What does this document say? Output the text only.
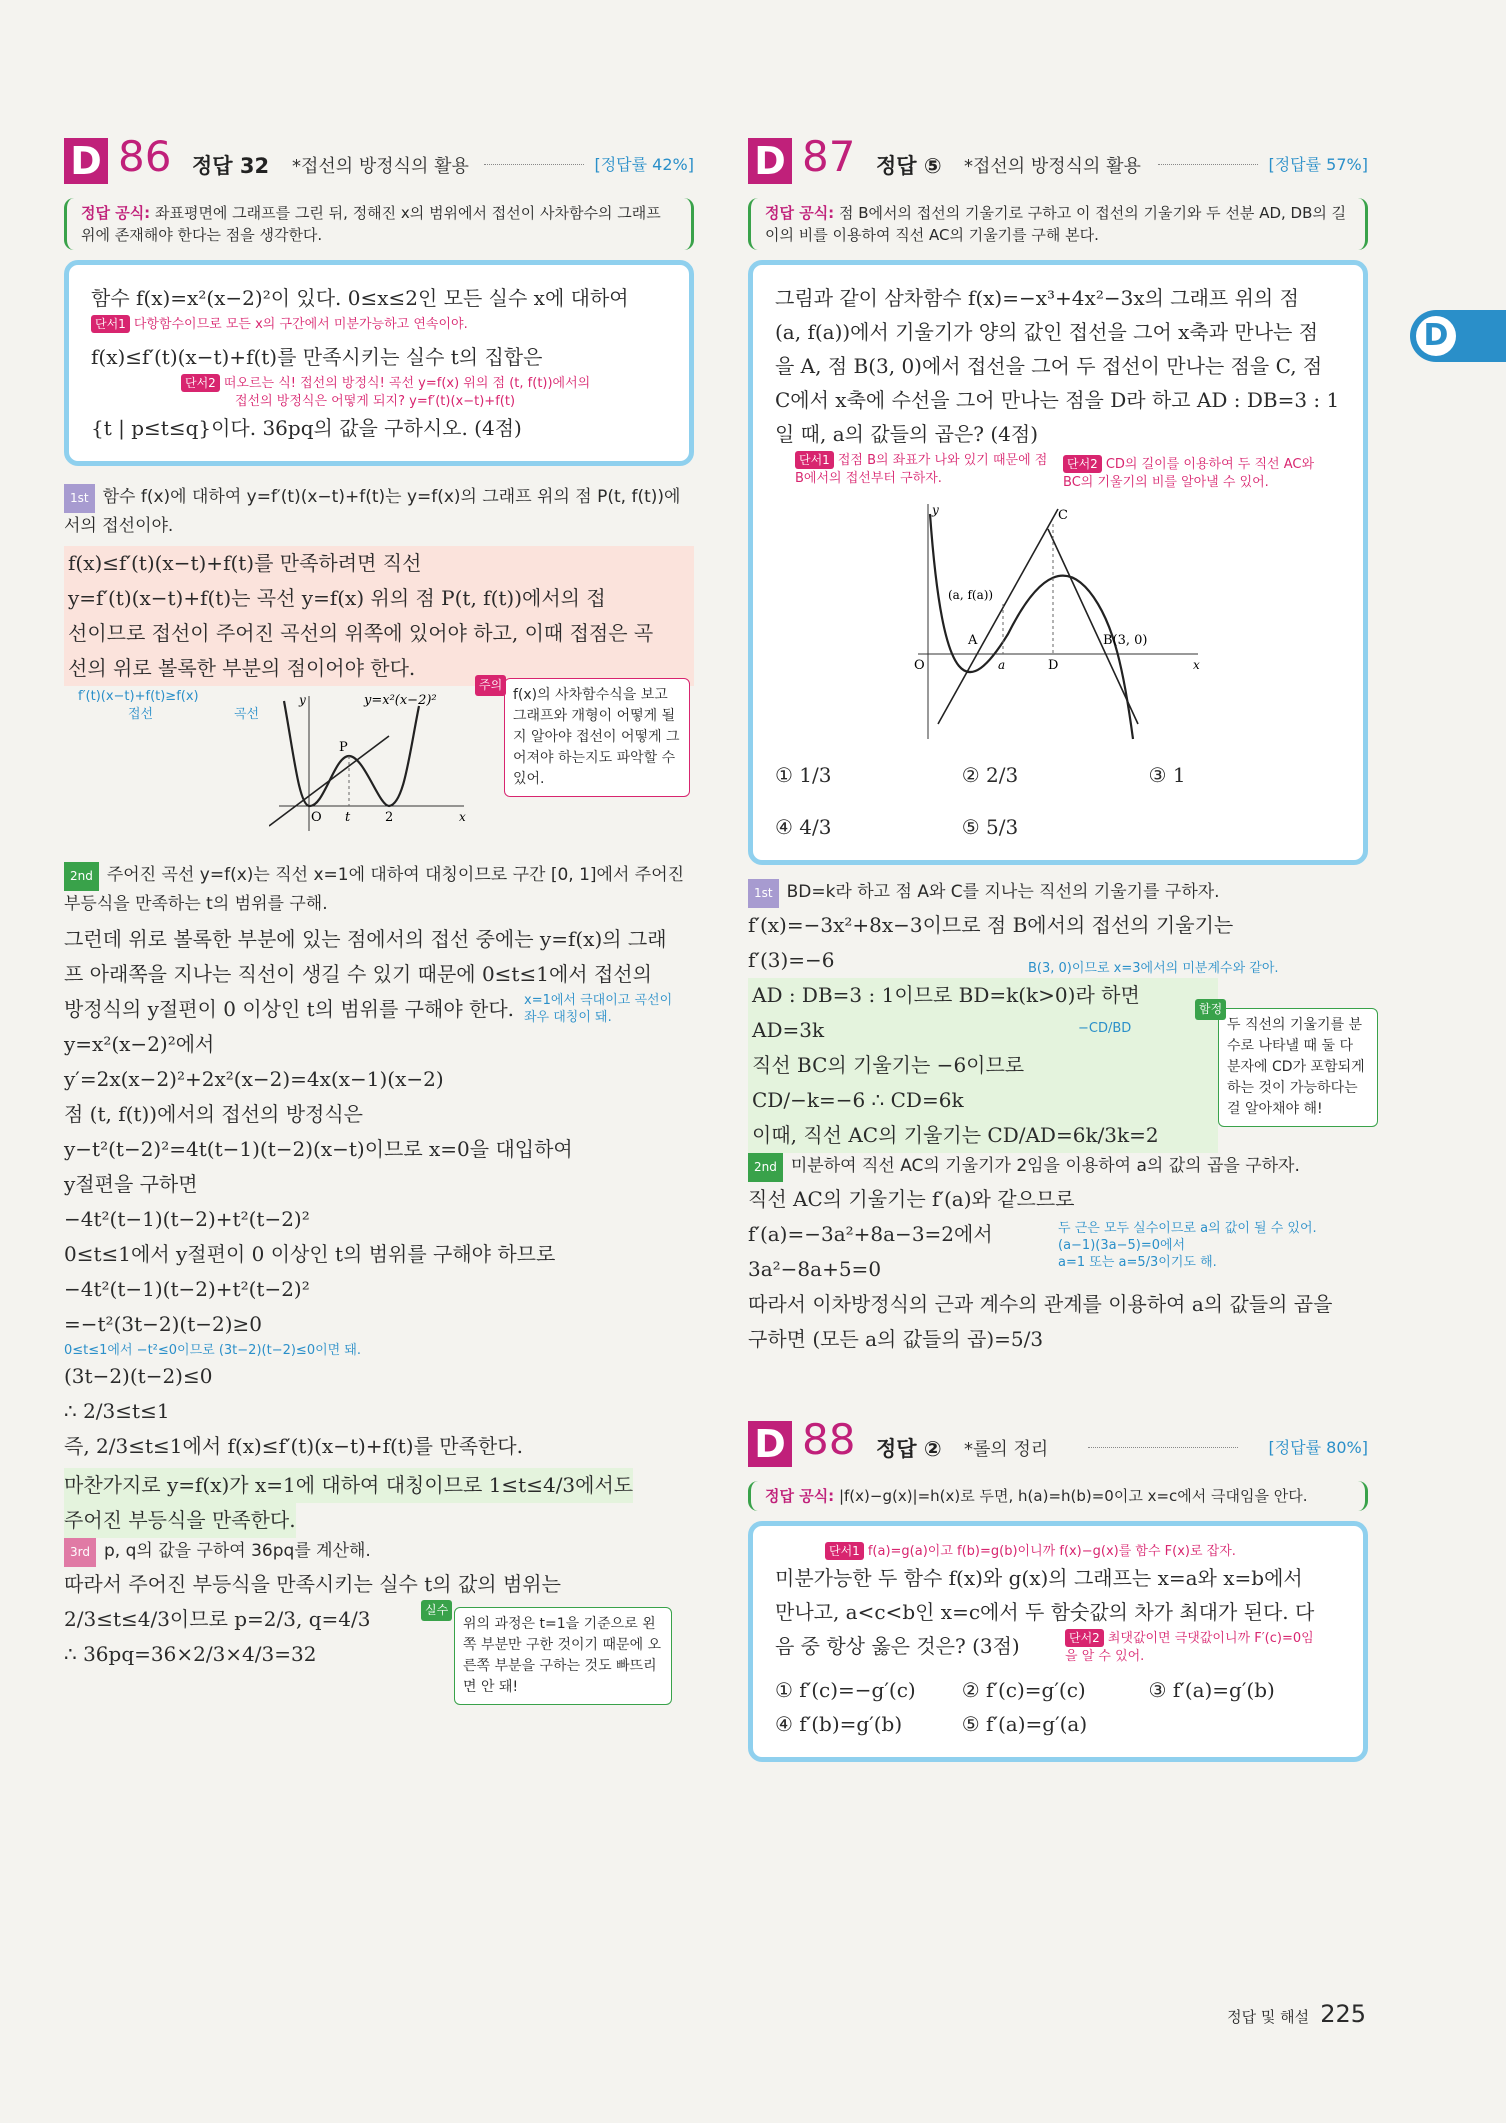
D
D 86 정답 32 *접선의 방정식의 활용	[정답률 42%]
정답 공식: 좌표평면에 그래프를 그린 뒤, 정해진 x의 범위에서 접선이 사차함수의 그래프 위에 존재해야 한다는 점을 생각한다.
함수 f(x)=x²(x−2)²이 있다. 0≤x≤2인 모든 실수 x에 대하여
단서1 다항함수이므로 모든 x의 구간에서 미분가능하고 연속이야.
f(x)≤f′(t)(x−t)+f(t)를 만족시키는 실수 t의 집합은
단서2 떠오르는 식! 접선의 방정식! 곡선 y=f(x) 위의 점 (t, f(t))에서의
접선의 방정식은 어떻게 되지? y=f′(t)(x−t)+f(t)
{t | p≤t≤q}이다. 36pq의 값을 구하시오. (4점)
1st 함수 f(x)에 대하여 y=f′(t)(x−t)+f(t)는 y=f(x)의 그래프 위의 점 P(t, f(t))에서의 접선이야.
f(x)≤f′(t)(x−t)+f(t)를 만족하려면 직선
y=f′(t)(x−t)+f(t)는 곡선 y=f(x) 위의 점 P(t, f(t))에서의 접
선이므로 접선이 주어진 곡선의 위쪽에 있어야 하고, 이때 접점은 곡
선의 위로 볼록한 부분의 점이어야 한다.
f′(t)(x−t)+f(t)≥f(x)
접선	곡선
y=x²(x−2)²
y
x
O t	2
P
주의
f(x)의 사차함수식을 보고 그래프와 개형이 어떻게 될지 알아야 접선이 어떻게 그어져야 하는지도 파악할 수 있어.
2nd 주어진 곡선 y=f(x)는 직선 x=1에 대하여 대칭이므로 구간 [0, 1]에서 주어진 부등식을 만족하는 t의 범위를 구해.
그런데 위로 볼록한 부분에 있는 점에서의 접선 중에는 y=f(x)의 그래
프 아래쪽을 지나는 직선이 생길 수 있기 때문에 0≤t≤1에서 접선의
방정식의 y절편이 0 이상인 t의 범위를 구해야 한다. x=1에서 극대이고 곡선이 좌우 대칭이 돼.
y=x²(x−2)²에서
y′=2x(x−2)²+2x²(x−2)=4x(x−1)(x−2)
점 (t, f(t))에서의 접선의 방정식은
y−t²(t−2)²=4t(t−1)(t−2)(x−t)이므로 x=0을 대입하여
y절편을 구하면
−4t²(t−1)(t−2)+t²(t−2)²
0≤t≤1에서 y절편이 0 이상인 t의 범위를 구해야 하므로
−4t²(t−1)(t−2)+t²(t−2)²
=−t²(3t−2)(t−2)≥0
0≤t≤1에서 −t²≤0이므로 (3t−2)(t−2)≤0이면 돼.
(3t−2)(t−2)≤0
∴ 2/3≤t≤1
즉, 2/3≤t≤1에서 f(x)≤f′(t)(x−t)+f(t)를 만족한다.
마찬가지로 y=f(x)가 x=1에 대하여 대칭이므로 1≤t≤4/3에서도
주어진 부등식을 만족한다.
3rd p, q의 값을 구하여 36pq를 계산해.
따라서 주어진 부등식을 만족시키는 실수 t의 값의 범위는
2/3≤t≤4/3이므로 p=2/3, q=4/3
∴ 36pq=36×2/3×4/3=32
실수
위의 과정은 t=1을 기준으로 왼쪽 부분만 구한 것이기 때문에 오른쪽 부분을 구하는 것도 빠뜨리면 안 돼!
D 87 정답 ⑤ *접선의 방정식의 활용	[정답률 57%]
정답 공식: 점 B에서의 접선의 기울기로 구하고 이 접선의 기울기와 두 선분 AD, DB의 길이의 비를 이용하여 직선 AC의 기울기를 구해 본다.
그림과 같이 삼차함수 f(x)=−x³+4x²−3x의 그래프 위의 점
(a, f(a))에서 기울기가 양의 값인 접선을 그어 x축과 만나는 점
을 A, 점 B(3, 0)에서 접선을 그어 두 접선이 만나는 점을 C, 점
C에서 x축에 수선을 그어 만나는 점을 D라 하고 AD : DB=3 : 1
일 때, a의 값들의 곱은? (4점)
단서1 접점 B의 좌표가 나와 있기 때문에 점 B에서의 접선부터 구하자.
단서2 CD의 길이를 이용하여 두 직선 AC와 BC의 기울기의 비를 알아낼 수 있어.
y
x
O	a	D
A	B(3, 0)
C
(a, f(a))
① 1/3	② 2/3	③ 1
④ 4/3	⑤ 5/3
1st BD=k라 하고 점 A와 C를 지나는 직선의 기울기를 구하자.
f′(x)=−3x²+8x−3이므로 점 B에서의 접선의 기울기는
f′(3)=−6	B(3, 0)이므로 x=3에서의 미분계수와 같아.
AD : DB=3 : 1이므로 BD=k(k>0)라 하면 AD=3k
직선 BC의 기울기는 −6이므로
CD/−k=−6 ∴ CD=6k
이때, 직선 AC의 기울기는 CD/AD=6k/3k=2
−CD/BD
함정
두 직선의 기울기를 분수로 나타낼 때 둘 다 분자에 CD가 포함되게 하는 것이 가능하다는 걸 알아채야 해!
2nd 미분하여 직선 AC의 기울기가 2임을 이용하여 a의 값의 곱을 구하자.
직선 AC의 기울기는 f′(a)와 같으므로
f′(a)=−3a²+8a−3=2에서
3a²−8a+5=0
두 근은 모두 실수이므로 a의 값이 될 수 있어.
(a−1)(3a−5)=0에서
a=1 또는 a=5/3이기도 해.
따라서 이차방정식의 근과 계수의 관계를 이용하여 a의 값들의 곱을
구하면 (모든 a의 값들의 곱)=5/3
D 88 정답 ② *롤의 정리	[정답률 80%]
정답 공식: |f(x)−g(x)|=h(x)로 두면, h(a)=h(b)=0이고 x=c에서 극대임을 안다.
단서1 f(a)=g(a)이고 f(b)=g(b)이니까 f(x)−g(x)를 함수 F(x)로 잡자.
미분가능한 두 함수 f(x)와 g(x)의 그래프는 x=a와 x=b에서
만나고, a<c<b인 x=c에서 두 함숫값의 차가 최대가 된다. 다
음 중 항상 옳은 것은? (3점)	단서2 최댓값이면 극댓값이니까 F′(c)=0임을 알 수 있어.
① f′(c)=−g′(c)	② f′(c)=g′(c)	③ f′(a)=g′(b)
④ f′(b)=g′(b)	⑤ f′(a)=g′(a)
정답 및 해설 225
